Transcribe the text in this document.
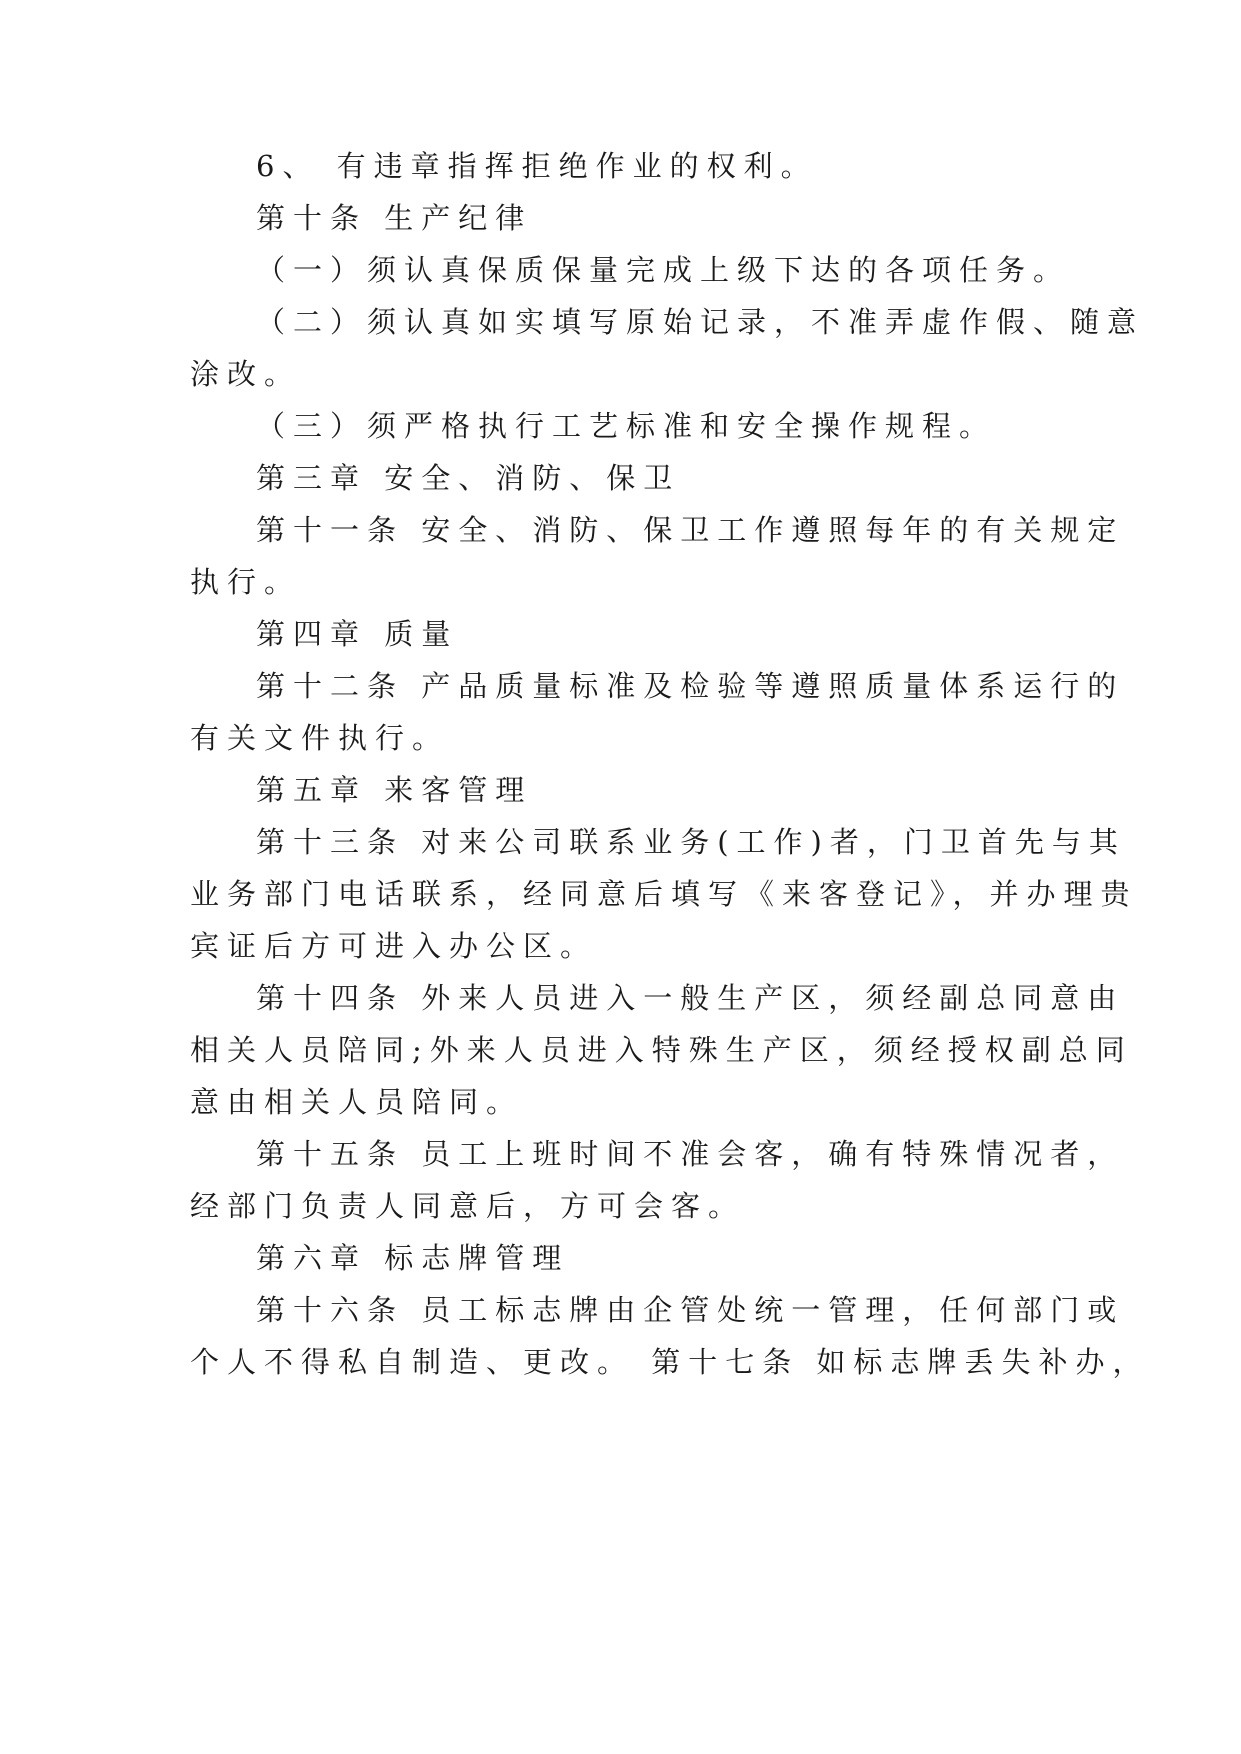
6、 有违章指挥拒绝作业的权利。
第十条 生产纪律
（一）须认真保质保量完成上级下达的各项任务。
（二）须认真如实填写原始记录，不准弄虚作假、随意
涂改。
（三）须严格执行工艺标准和安全操作规程。
第三章 安全、消防、保卫
第十一条 安全、消防、保卫工作遵照每年的有关规定
执行。
第四章 质量
第十二条 产品质量标准及检验等遵照质量体系运行的
有关文件执行。
第五章 来客管理
第十三条 对来公司联系业务(工作)者，门卫首先与其
业务部门电话联系，经同意后填写《来客登记》，并办理贵
宾证后方可进入办公区。
第十四条 外来人员进入一般生产区，须经副总同意由
相关人员陪同;外来人员进入特殊生产区，须经授权副总同
意由相关人员陪同。
第十五条 员工上班时间不准会客，确有特殊情况者，
经部门负责人同意后，方可会客。
第六章 标志牌管理
第十六条 员工标志牌由企管处统一管理，任何部门或
个人不得私自制造、更改。 第十七条 如标志牌丢失补办，
